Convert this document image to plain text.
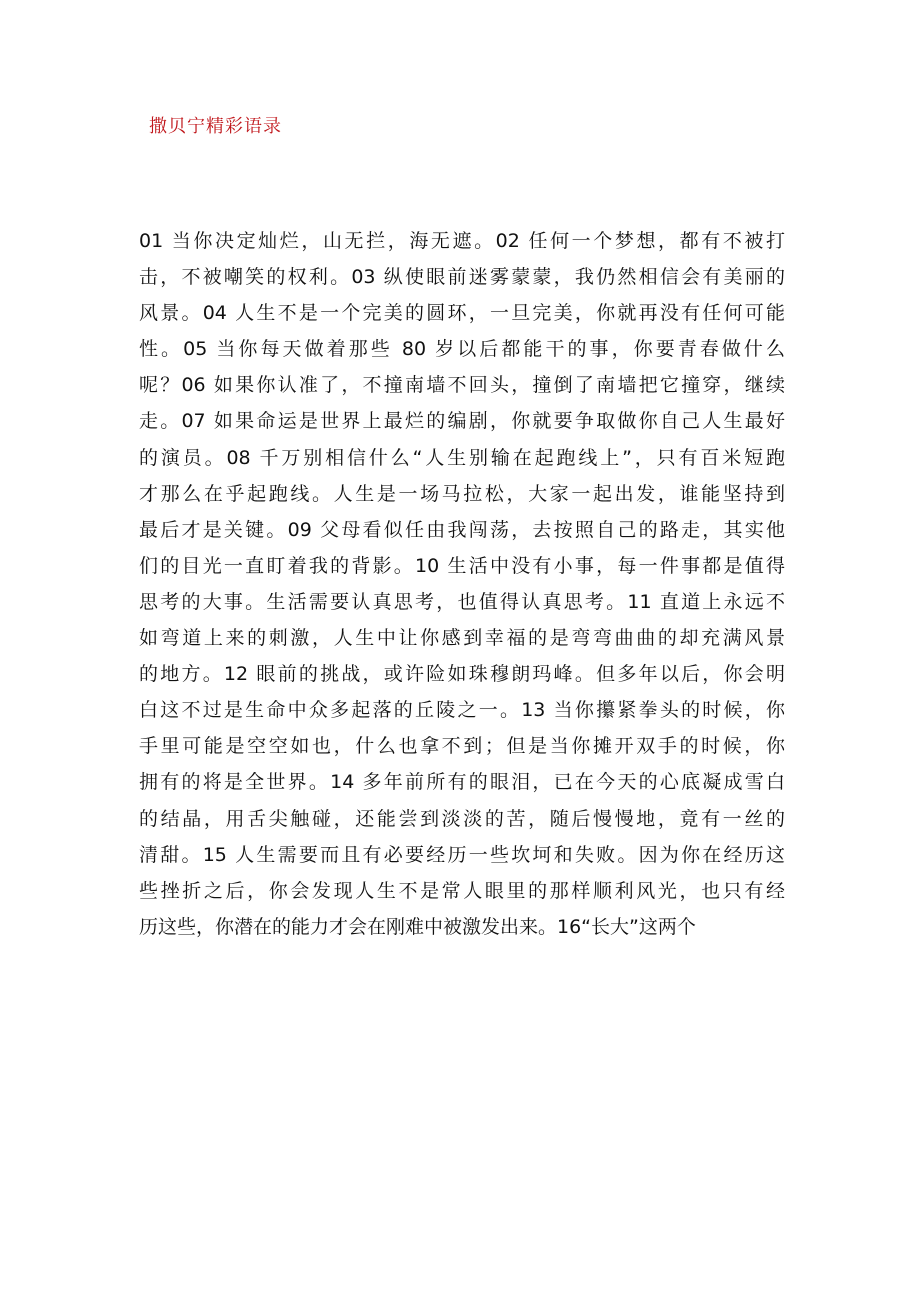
撒贝宁精彩语录
01 当你决定灿烂，山无拦，海无遮。02 任何一个梦想，都有不被打
击，不被嘲笑的权利。03 纵使眼前迷雾蒙蒙，我仍然相信会有美丽的
风景。04 人生不是一个完美的圆环，一旦完美，你就再没有任何可能
性。05 当你每天做着那些 80 岁以后都能干的事，你要青春做什么
呢？06 如果你认准了，不撞南墙不回头，撞倒了南墙把它撞穿，继续
走。07 如果命运是世界上最烂的编剧，你就要争取做你自己人生最好
的演员。08 千万别相信什么“人生别输在起跑线上”，只有百米短跑
才那么在乎起跑线。人生是一场马拉松，大家一起出发，谁能坚持到
最后才是关键。09 父母看似任由我闯荡，去按照自己的路走，其实他
们的目光一直盯着我的背影。10 生活中没有小事，每一件事都是值得
思考的大事。生活需要认真思考，也值得认真思考。11 直道上永远不
如弯道上来的刺激，人生中让你感到幸福的是弯弯曲曲的却充满风景
的地方。12 眼前的挑战，或许险如珠穆朗玛峰。但多年以后，你会明
白这不过是生命中众多起落的丘陵之一。13 当你攥紧拳头的时候，你
手里可能是空空如也，什么也拿不到；但是当你摊开双手的时候，你
拥有的将是全世界。14 多年前所有的眼泪，已在今天的心底凝成雪白
的结晶，用舌尖触碰，还能尝到淡淡的苦，随后慢慢地，竟有一丝的
清甜。15 人生需要而且有必要经历一些坎坷和失败。因为你在经历这
些挫折之后，你会发现人生不是常人眼里的那样顺利风光，也只有经
历这些，你潜在的能力才会在刚难中被激发出来。16“长大”这两个
